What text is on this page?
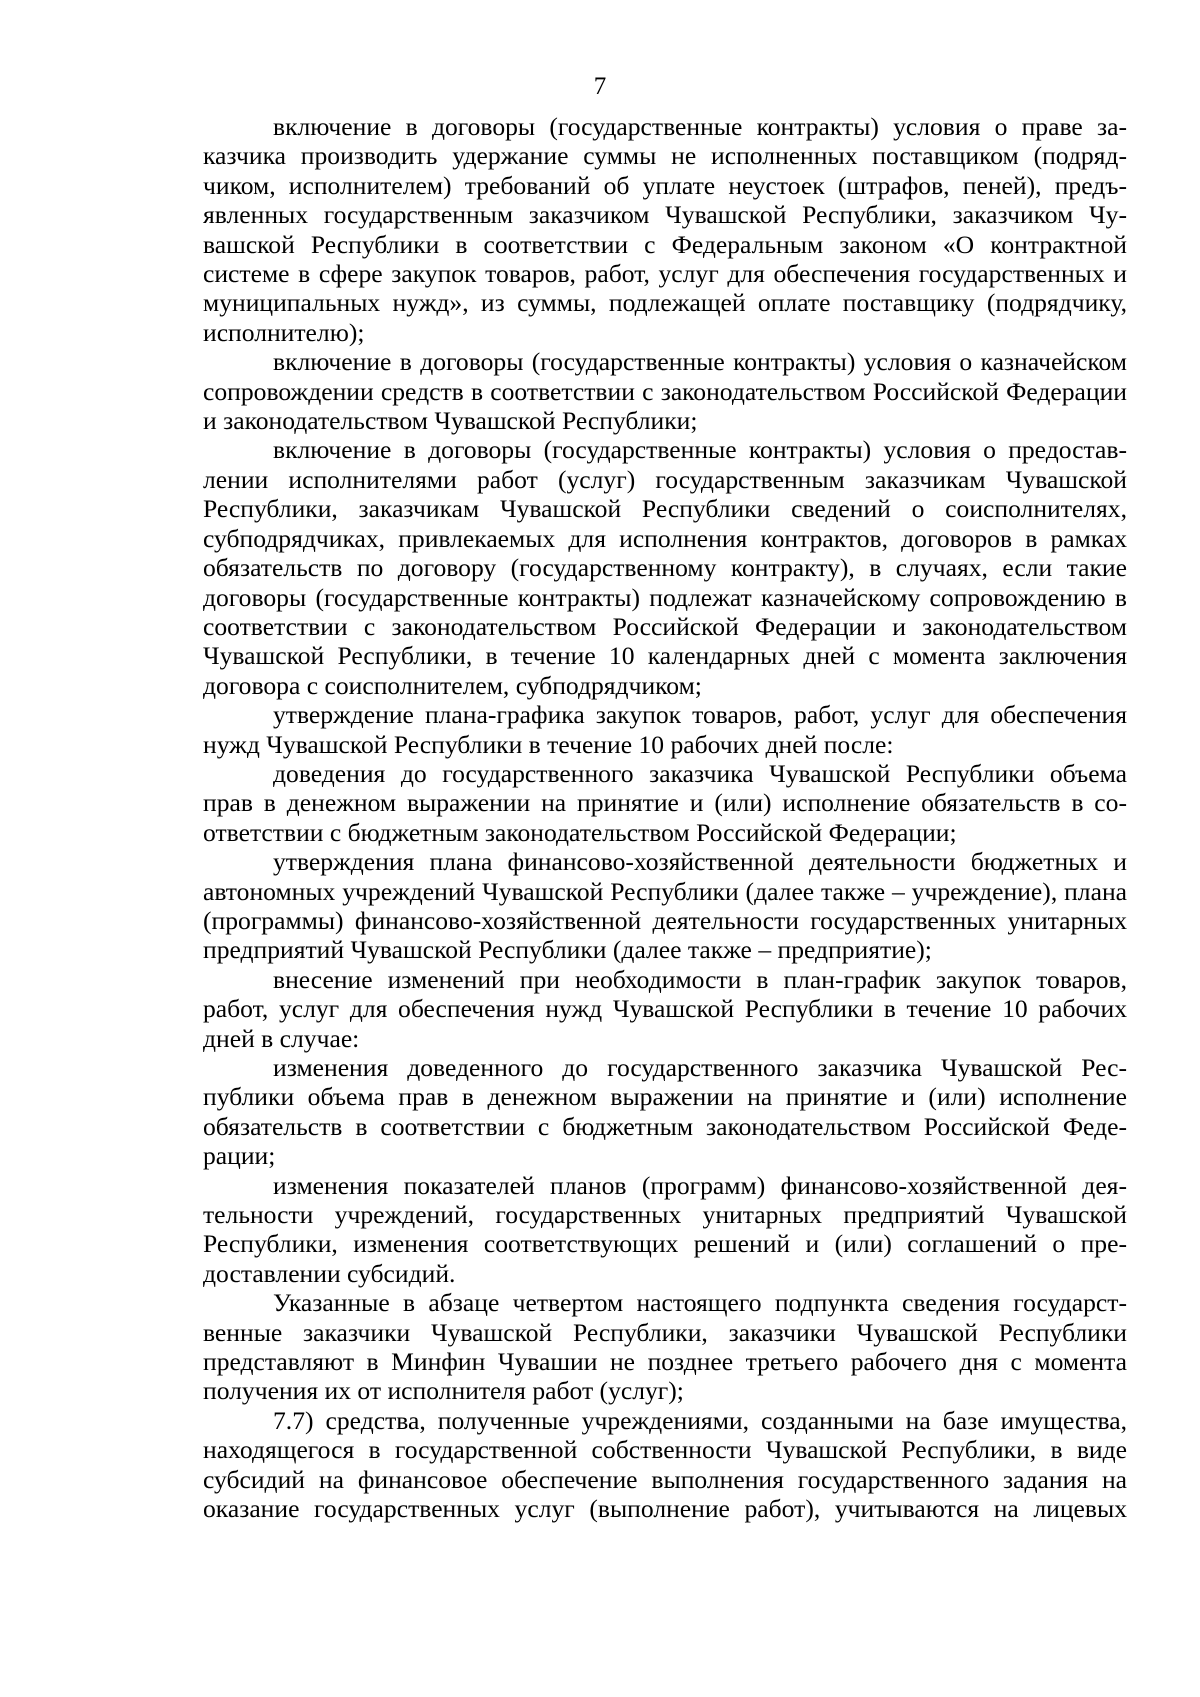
7

включение в договоры (государственные контракты) условия о праве заказчика производить удержание суммы не исполненных поставщиком (подрядчиком, исполнителем) требований об уплате неустоек (штрафов, пеней), предъявленных государственным заказчиком Чувашской Республики, заказчиком Чувашской Республики в соответствии с Федеральным законом «О контрактной системе в сфере закупок товаров, работ, услуг для обеспечения государственных и муниципальных нужд», из суммы, подлежащей оплате поставщику (подрядчику, исполнителю);

включение в договоры (государственные контракты) условия о казначейском сопровождении средств в соответствии с законодательством Российской Федерации и законодательством Чувашской Республики;

включение в договоры (государственные контракты) условия о предоставлении исполнителями работ (услуг) государственным заказчикам Чувашской Республики, заказчикам Чувашской Республики сведений о соисполнителях, субподрядчиках, привлекаемых для исполнения контрактов, договоров в рамках обязательств по договору (государственному контракту), в случаях, если такие договоры (государственные контракты) подлежат казначейскому сопровождению в соответствии с законодательством Российской Федерации и законодательством Чувашской Республики, в течение 10 календарных дней с момента заключения договора с соисполнителем, субподрядчиком;

утверждение плана-графика закупок товаров, работ, услуг для обеспечения нужд Чувашской Республики в течение 10 рабочих дней после:

доведения до государственного заказчика Чувашской Республики объема прав в денежном выражении на принятие и (или) исполнение обязательств в соответствии с бюджетным законодательством Российской Федерации;

утверждения плана финансово-хозяйственной деятельности бюджетных и автономных учреждений Чувашской Республики (далее также – учреждение), плана (программы) финансово-хозяйственной деятельности государственных унитарных предприятий Чувашской Республики (далее также – предприятие);

внесение изменений при необходимости в план-график закупок товаров, работ, услуг для обеспечения нужд Чувашской Республики в течение 10 рабочих дней в случае:

изменения доведенного до государственного заказчика Чувашской Республики объема прав в денежном выражении на принятие и (или) исполнение обязательств в соответствии с бюджетным законодательством Российской Федерации;

изменения показателей планов (программ) финансово-хозяйственной деятельности учреждений, государственных унитарных предприятий Чувашской Республики, изменения соответствующих решений и (или) соглашений о предоставлении субсидий.

Указанные в абзаце четвертом настоящего подпункта сведения государственные заказчики Чувашской Республики, заказчики Чувашской Республики представляют в Минфин Чувашии не позднее третьего рабочего дня с момента получения их от исполнителя работ (услуг);

7.7) средства, полученные учреждениями, созданными на базе имущества, находящегося в государственной собственности Чувашской Республики, в виде субсидий на финансовое обеспечение выполнения государственного задания на оказание государственных услуг (выполнение работ), учитываются на лицевых
